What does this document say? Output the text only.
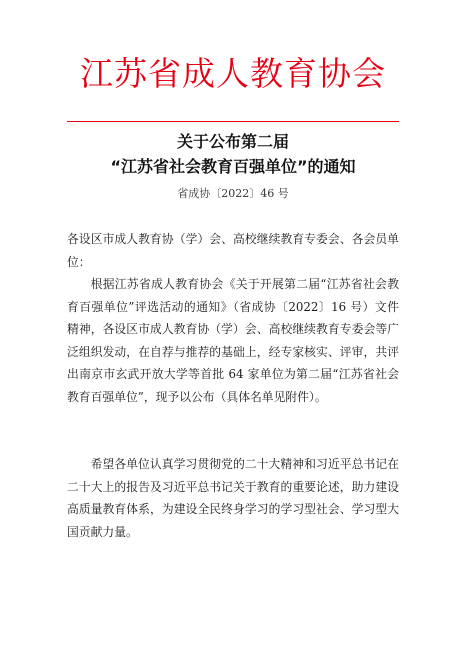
江苏省成人教育协会
关于公布第二届
“江苏省社会教育百强单位”的通知
省成协〔2022〕46 号
各设区市成人教育协（学）会、高校继续教育专委会、各会员单位：
根据江苏省成人教育协会《关于开展第二届“江苏省社会教育百强单位”评选活动的通知》（省成协〔2022〕16 号）文件精神，各设区市成人教育协（学）会、高校继续教育专委会等广泛组织发动，在自荐与推荐的基础上，经专家核实、评审，共评出南京市玄武开放大学等首批 64 家单位为第二届“江苏省社会教育百强单位”，现予以公布（具体名单见附件）。
希望各单位认真学习贯彻党的二十大精神和习近平总书记在二十大上的报告及习近平总书记关于教育的重要论述，助力建设高质量教育体系，为建设全民终身学习的学习型社会、学习型大国贡献力量。
